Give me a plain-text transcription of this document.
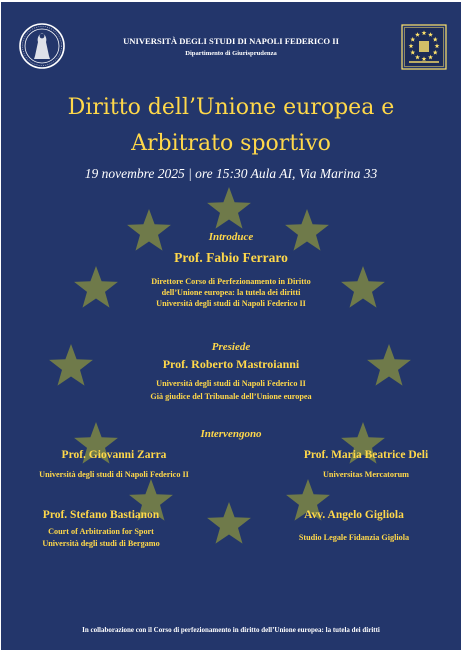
UNIVERSITÀ DEGLI STUDI DI NAPOLI FEDERICO II
Dipartimento di Giurisprudenza
Diritto dell’Unione europea e
Arbitrato sportivo
19 novembre 2025 | ore 15:30 Aula AI, Via Marina 33
Introduce
Prof. Fabio Ferraro
Direttore Corso di Perfezionamento in Diritto
dell’Unione europea: la tutela dei diritti
Università degli studi di Napoli Federico II
Presiede
Prof. Roberto Mastroianni
Università degli studi di Napoli Federico II
Già giudice del Tribunale dell’Unione europea
Intervengono
Prof. Giovanni Zarra
Università degli studi di Napoli Federico II
Prof. Maria Beatrice Deli
Universitas Mercatorum
Prof. Stefano Bastianon
Court of Arbitration for Sport
Università degli studi di Bergamo
Avv. Angelo Gigliola
Studio Legale Fidanzia Gigliola
In collaborazione con il Corso di perfezionamento in diritto dell’Unione europea: la tutela dei diritti
